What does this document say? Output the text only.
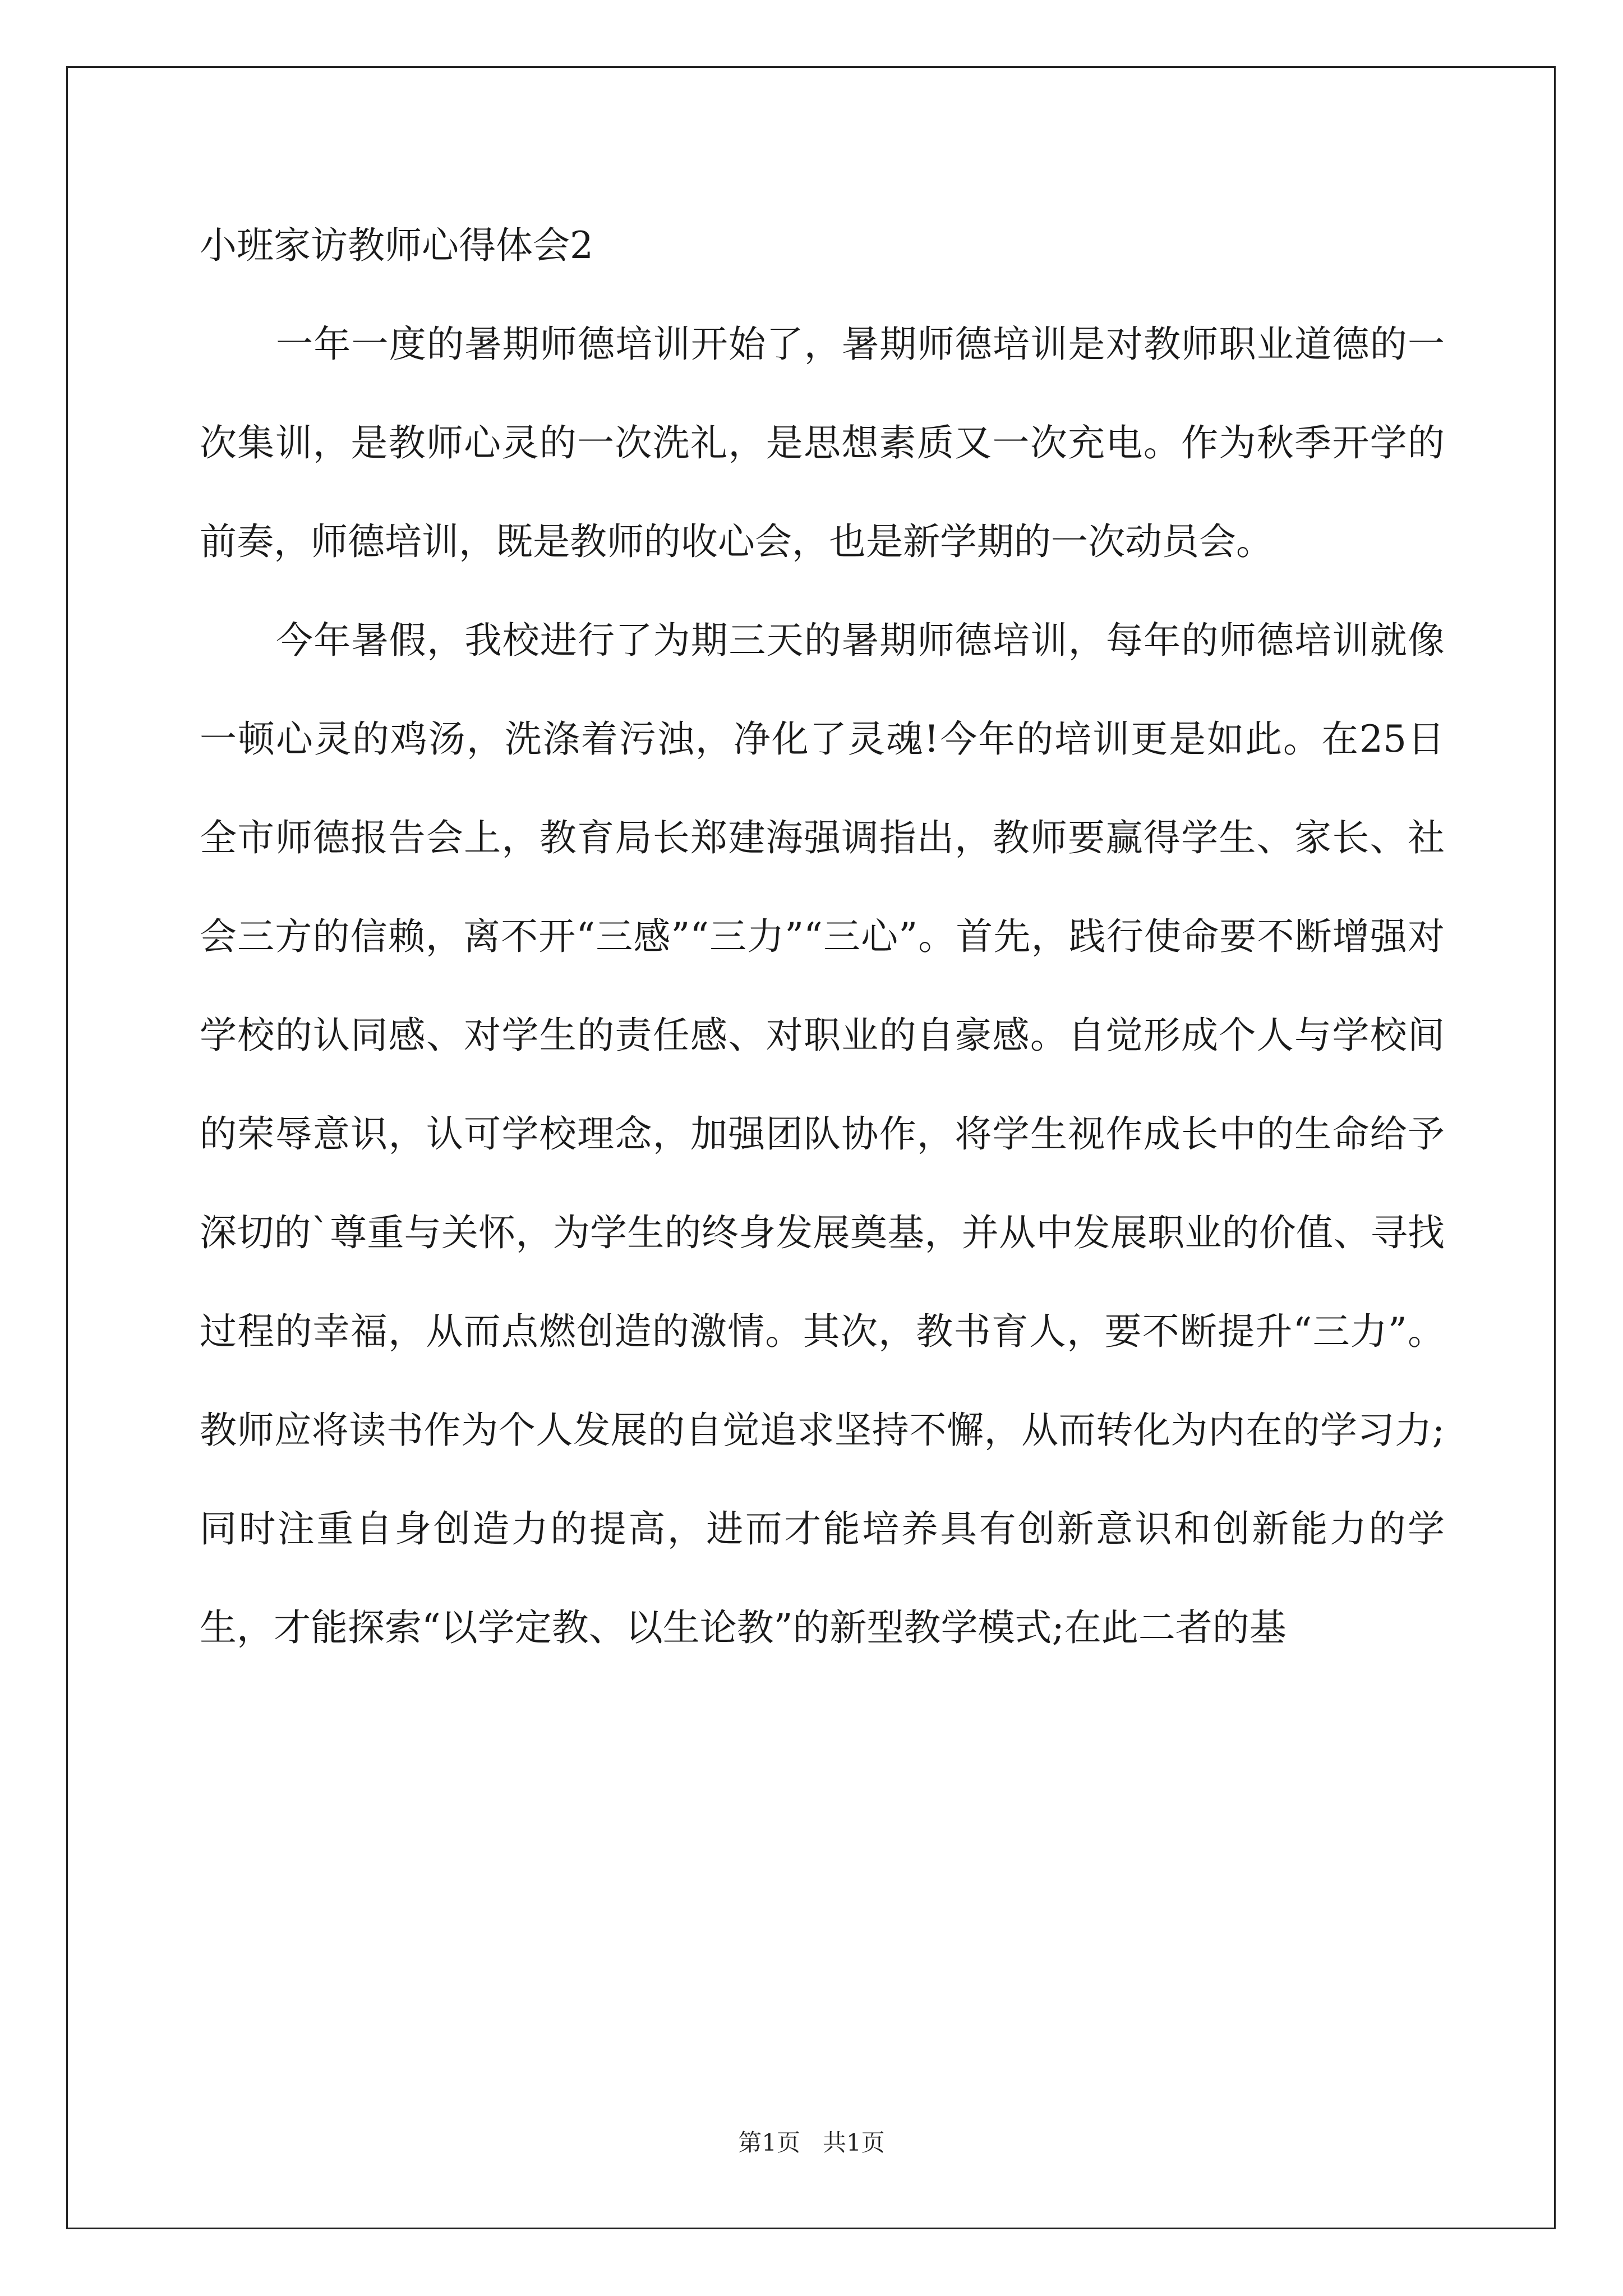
小班家访教师心得体会2

一年一度的暑期师德培训开始了，暑期师德培训是对教师职业道德的一次集训，是教师心灵的一次洗礼，是思想素质又一次充电。作为秋季开学的前奏，师德培训，既是教师的收心会，也是新学期的一次动员会。

今年暑假，我校进行了为期三天的暑期师德培训，每年的师德培训就像一顿心灵的鸡汤，洗涤着污浊，净化了灵魂!今年的培训更是如此。在25日全市师德报告会上，教育局长郑建海强调指出，教师要赢得学生、家长、社会三方的信赖，离不开“三感”“三力”“三心”。首先，践行使命要不断增强对学校的认同感、对学生的责任感、对职业的自豪感。自觉形成个人与学校间的荣辱意识，认可学校理念，加强团队协作，将学生视作成长中的生命给予深切的`尊重与关怀，为学生的终身发展奠基，并从中发展职业的价值、寻找过程的幸福，从而点燃创造的激情。其次，教书育人，要不断提升“三力”。教师应将读书作为个人发展的自觉追求坚持不懈，从而转化为内在的学习力;同时注重自身创造力的提高，进而才能培养具有创新意识和创新能力的学生，才能探索“以学定教、以生论教”的新型教学模式;在此二者的基

第1页   共1页
